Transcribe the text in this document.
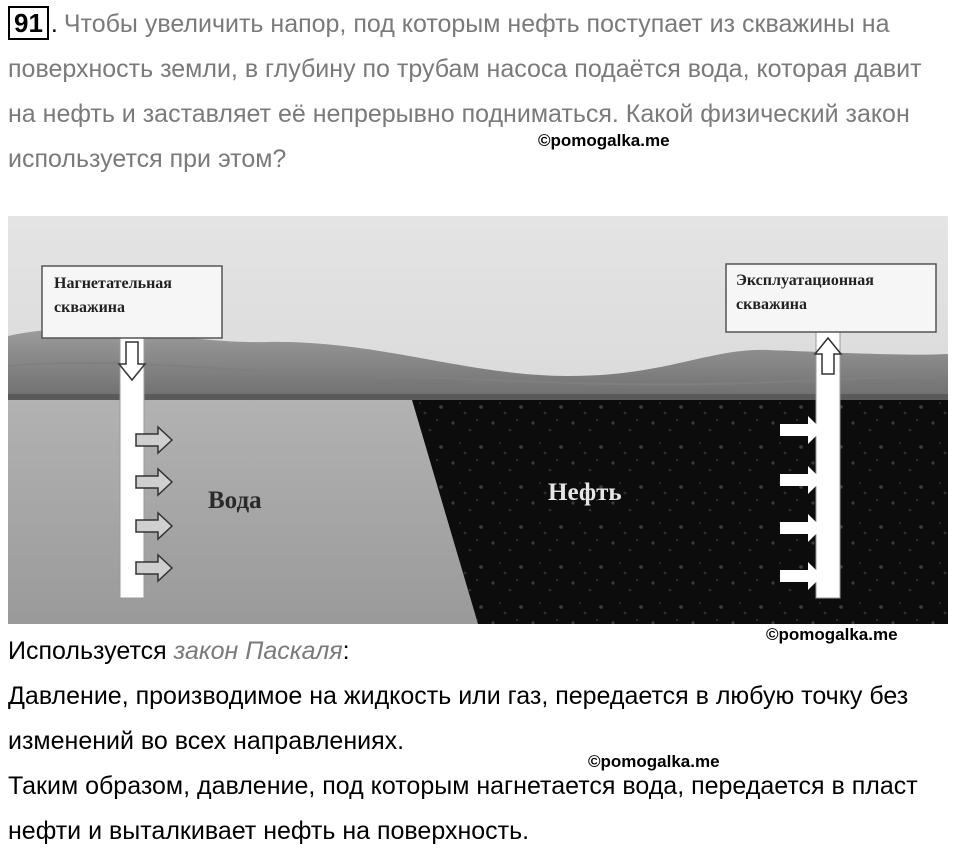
91 . Чтобы увеличить напор, под которым нефть поступает из скважины на поверхность земли, в глубину по трубам насоса подаётся вода, которая давит на нефть и заставляет её непрерывно подниматься. Какой физический закон используется при этом?
©pomogalka.me
Нагнетательная
скважина
Эксплуатационная
скважина
Вода	Нефть
©pomogalka.me

Используется закон Паскаля:

Давление, производимое на жидкость или газ, передается в любую точку без изменений во всех направлениях.

Таким образом, давление, под которым нагнетается вода, передается в пласт нефти и выталкивает нефть на поверхность.

©pomogalka.me
